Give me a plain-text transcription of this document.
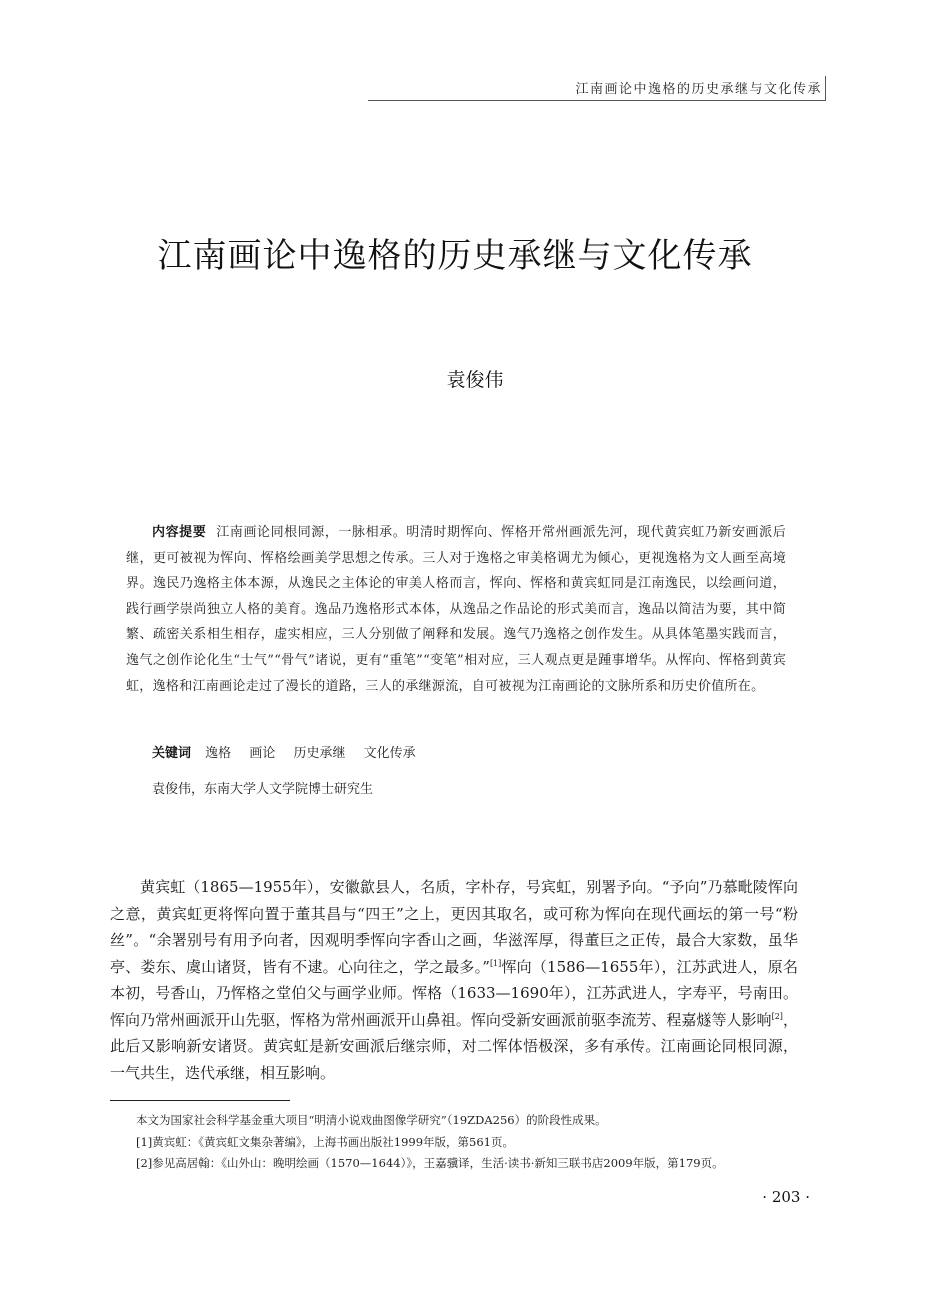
江南画论中逸格的历史承继与文化传承
江南画论中逸格的历史承继与文化传承
袁俊伟
内容提要 江南画论同根同源，一脉相承。明清时期恽向、恽格开常州画派先河，现代黄宾虹乃新安画派后继，更可被视为恽向、恽格绘画美学思想之传承。三人对于逸格之审美格调尤为倾心，更视逸格为文人画至高境界。逸民乃逸格主体本源，从逸民之主体论的审美人格而言，恽向、恽格和黄宾虹同是江南逸民，以绘画问道，践行画学崇尚独立人格的美育。逸品乃逸格形式本体，从逸品之作品论的形式美而言，逸品以简洁为要，其中简繁、疏密关系相生相存，虚实相应，三人分别做了阐释和发展。逸气乃逸格之创作发生。从具体笔墨实践而言，逸气之创作论化生“士气”“骨气”诸说，更有“重笔”“变笔”相对应，三人观点更是踵事增华。从恽向、恽格到黄宾虹，逸格和江南画论走过了漫长的道路，三人的承继源流，自可被视为江南画论的文脉所系和历史价值所在。
关键词 逸格 画论 历史承继 文化传承
袁俊伟，东南大学人文学院博士研究生
黄宾虹（1865—1955年），安徽歙县人，名质，字朴存，号宾虹，别署予向。“予向”乃慕毗陵恽向之意，黄宾虹更将恽向置于董其昌与“四王”之上，更因其取名，或可称为恽向在现代画坛的第一号“粉丝”。“余署别号有用予向者，因观明季恽向字香山之画，华滋浑厚，得董巨之正传，最合大家数，虽华亭、娄东、虞山诸贤，皆有不逮。心向往之，学之最多。”[1]恽向（1586—1655年），江苏武进人，原名本初，号香山，乃恽格之堂伯父与画学业师。恽格（1633—1690年），江苏武进人，字寿平，号南田。恽向乃常州画派开山先驱，恽格为常州画派开山鼻祖。恽向受新安画派前驱李流芳、程嘉燧等人影响[2]，此后又影响新安诸贤。黄宾虹是新安画派后继宗师，对二恽体悟极深，多有承传。江南画论同根同源，一气共生，迭代承继，相互影响。

本文为国家社会科学基金重大项目“明清小说戏曲图像学研究”（19ZDA256）的阶段性成果。

[1]黄宾虹：《黄宾虹文集杂著编》，上海书画出版社1999年版，第561页。

[2]参见高居翰：《山外山：晚明绘画（1570—1644）》，王嘉骥译，生活·读书·新知三联书店2009年版，第179页。

· 203 ·
